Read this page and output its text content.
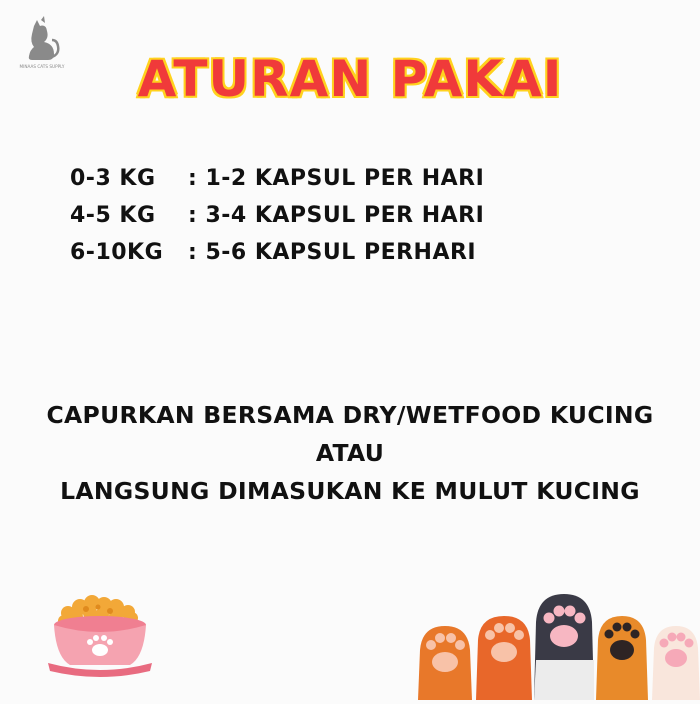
MINAAS CATS SUPPLY	ATURAN PAKAI
0-3 KG	: 1-2 KAPSUL PER HARI
4-5 KG	: 3-4 KAPSUL PER HARI
6-10KG	: 5-6 KAPSUL PERHARI
CAPURKAN BERSAMA DRY/WETFOOD KUCING
ATAU
LANGSUNG DIMASUKAN KE MULUT KUCING
